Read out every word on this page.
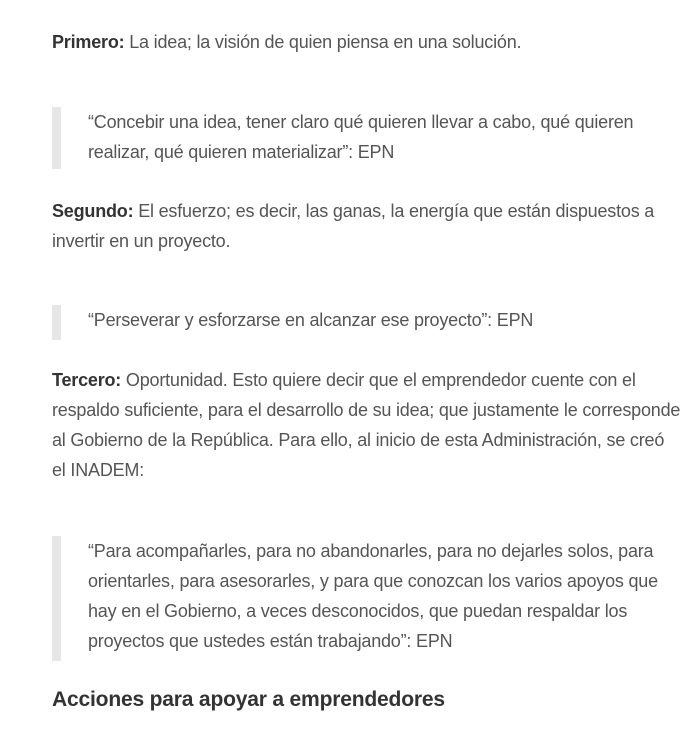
Primero: La idea; la visión de quien piensa en una solución.

“Concebir una idea, tener claro qué quieren llevar a cabo, qué quieren realizar, qué quieren materializar”: EPN

Segundo: El esfuerzo; es decir, las ganas, la energía que están dispuestos a invertir en un proyecto.

“Perseverar y esforzarse en alcanzar ese proyecto”: EPN

Tercero: Oportunidad. Esto quiere decir que el emprendedor cuente con el respaldo suficiente, para el desarrollo de su idea; que justamente le corresponde al Gobierno de la República. Para ello, al inicio de esta Administración, se creó el INADEM:

“Para acompañarles, para no abandonarles, para no dejarles solos, para orientarles, para asesorarles, y para que conozcan los varios apoyos que hay en el Gobierno, a veces desconocidos, que puedan respaldar los proyectos que ustedes están trabajando”: EPN
Acciones para apoyar a emprendedores
